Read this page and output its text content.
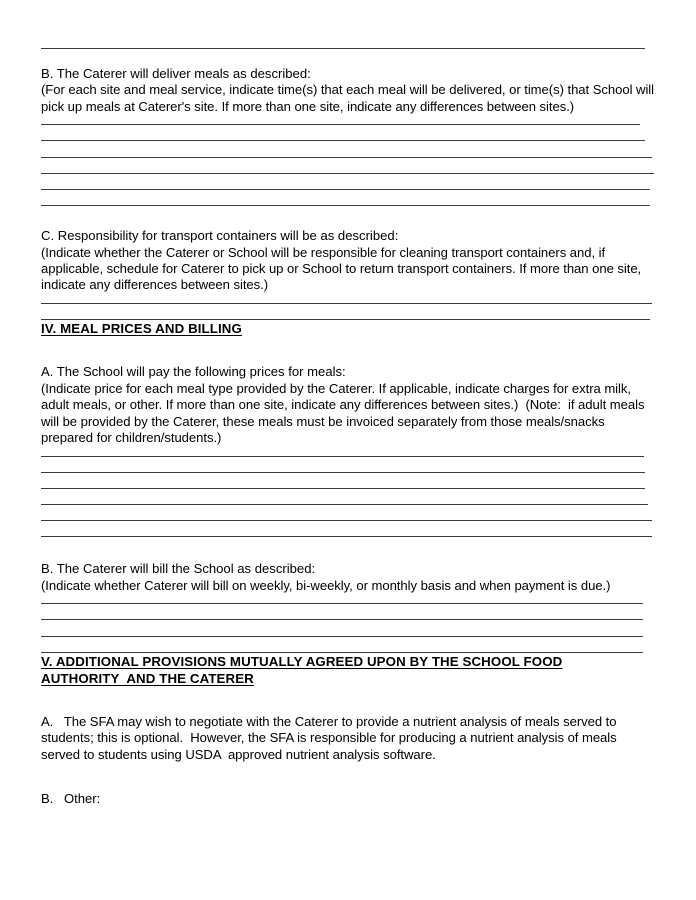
B. The Caterer will deliver meals as described:

(For each site and meal service, indicate time(s) that each meal will be delivered, or time(s) that School will pick up meals at Caterer's site. If more than one site, indicate any differences between sites.)

C. Responsibility for transport containers will be as described:

(Indicate whether the Caterer or School will be responsible for cleaning transport containers and, if applicable, schedule for Caterer to pick up or School to return transport containers. If more than one site, indicate any differences between sites.)

IV. MEAL PRICES AND BILLING

A. The School will pay the following prices for meals:

(Indicate price for each meal type provided by the Caterer. If applicable, indicate charges for extra milk, adult meals, or other. If more than one site, indicate any differences between sites.)  (Note:  if adult meals will be provided by the Caterer, these meals must be invoiced separately from those meals/snacks prepared for children/students.)

B. The Caterer will bill the School as described:

(Indicate whether Caterer will bill on weekly, bi-weekly, or monthly basis and when payment is due.)

V. ADDITIONAL PROVISIONS MUTUALLY AGREED UPON BY THE SCHOOL FOOD
AUTHORITY  AND THE CATERER

A.   The SFA may wish to negotiate with the Caterer to provide a nutrient analysis of meals served to students; this is optional.  However, the SFA is responsible for producing a nutrient analysis of meals served to students using USDA  approved nutrient analysis software.

B.   Other:
